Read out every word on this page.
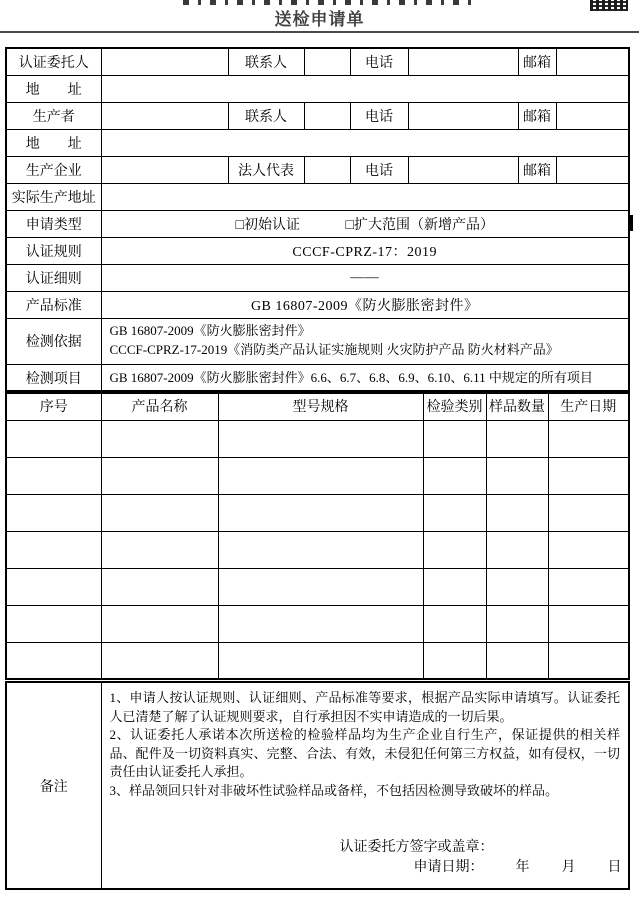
送检申请单
认证委托人		联系人		电话		邮箱	
地　　址							
生产者		联系人		电话		邮箱	
地　　址							
生产企业		法人代表		电话		邮箱	
实际生产地址							
申请类型	□初始认证 □扩大范围（新增产品）						
认证规则	CCCF-CPRZ-17：2019						
认证细则	――						
产品标准	GB 16807-2009《防火膨胀密封件》						
检测依据	GB 16807-2009《防火膨胀密封件》
CCCF-CPRZ-17-2019《消防类产品认证实施规则 火灾防护产品 防火材料产品》						

检测项目	GB 16807-2009《防火膨胀密封件》6.6、6.7、6.8、6.9、6.10、6.11 中规定的所有项目						
序号	产品名称	型号规格	检验类别	样品数量	生产日期

备注	

1、申请人按认证规则、认证细则、产品标准等要求，根据产品实际申请填写。认证委托人已清楚了解了认证规则要求，自行承担因不实申请造成的一切后果。

2、认证委托人承诺本次所送检的检验样品均为生产企业自行生产，保证提供的相关样品、配件及一切资料真实、完整、合法、有效，未侵犯任何第三方权益，如有侵权，一切责任由认证委托人承担。

3、样品领回只针对非破坏性试验样品或备样，不包括因检测导致破坏的样品。

认证委托方签字或盖章：
申请日期： 年 月 日
